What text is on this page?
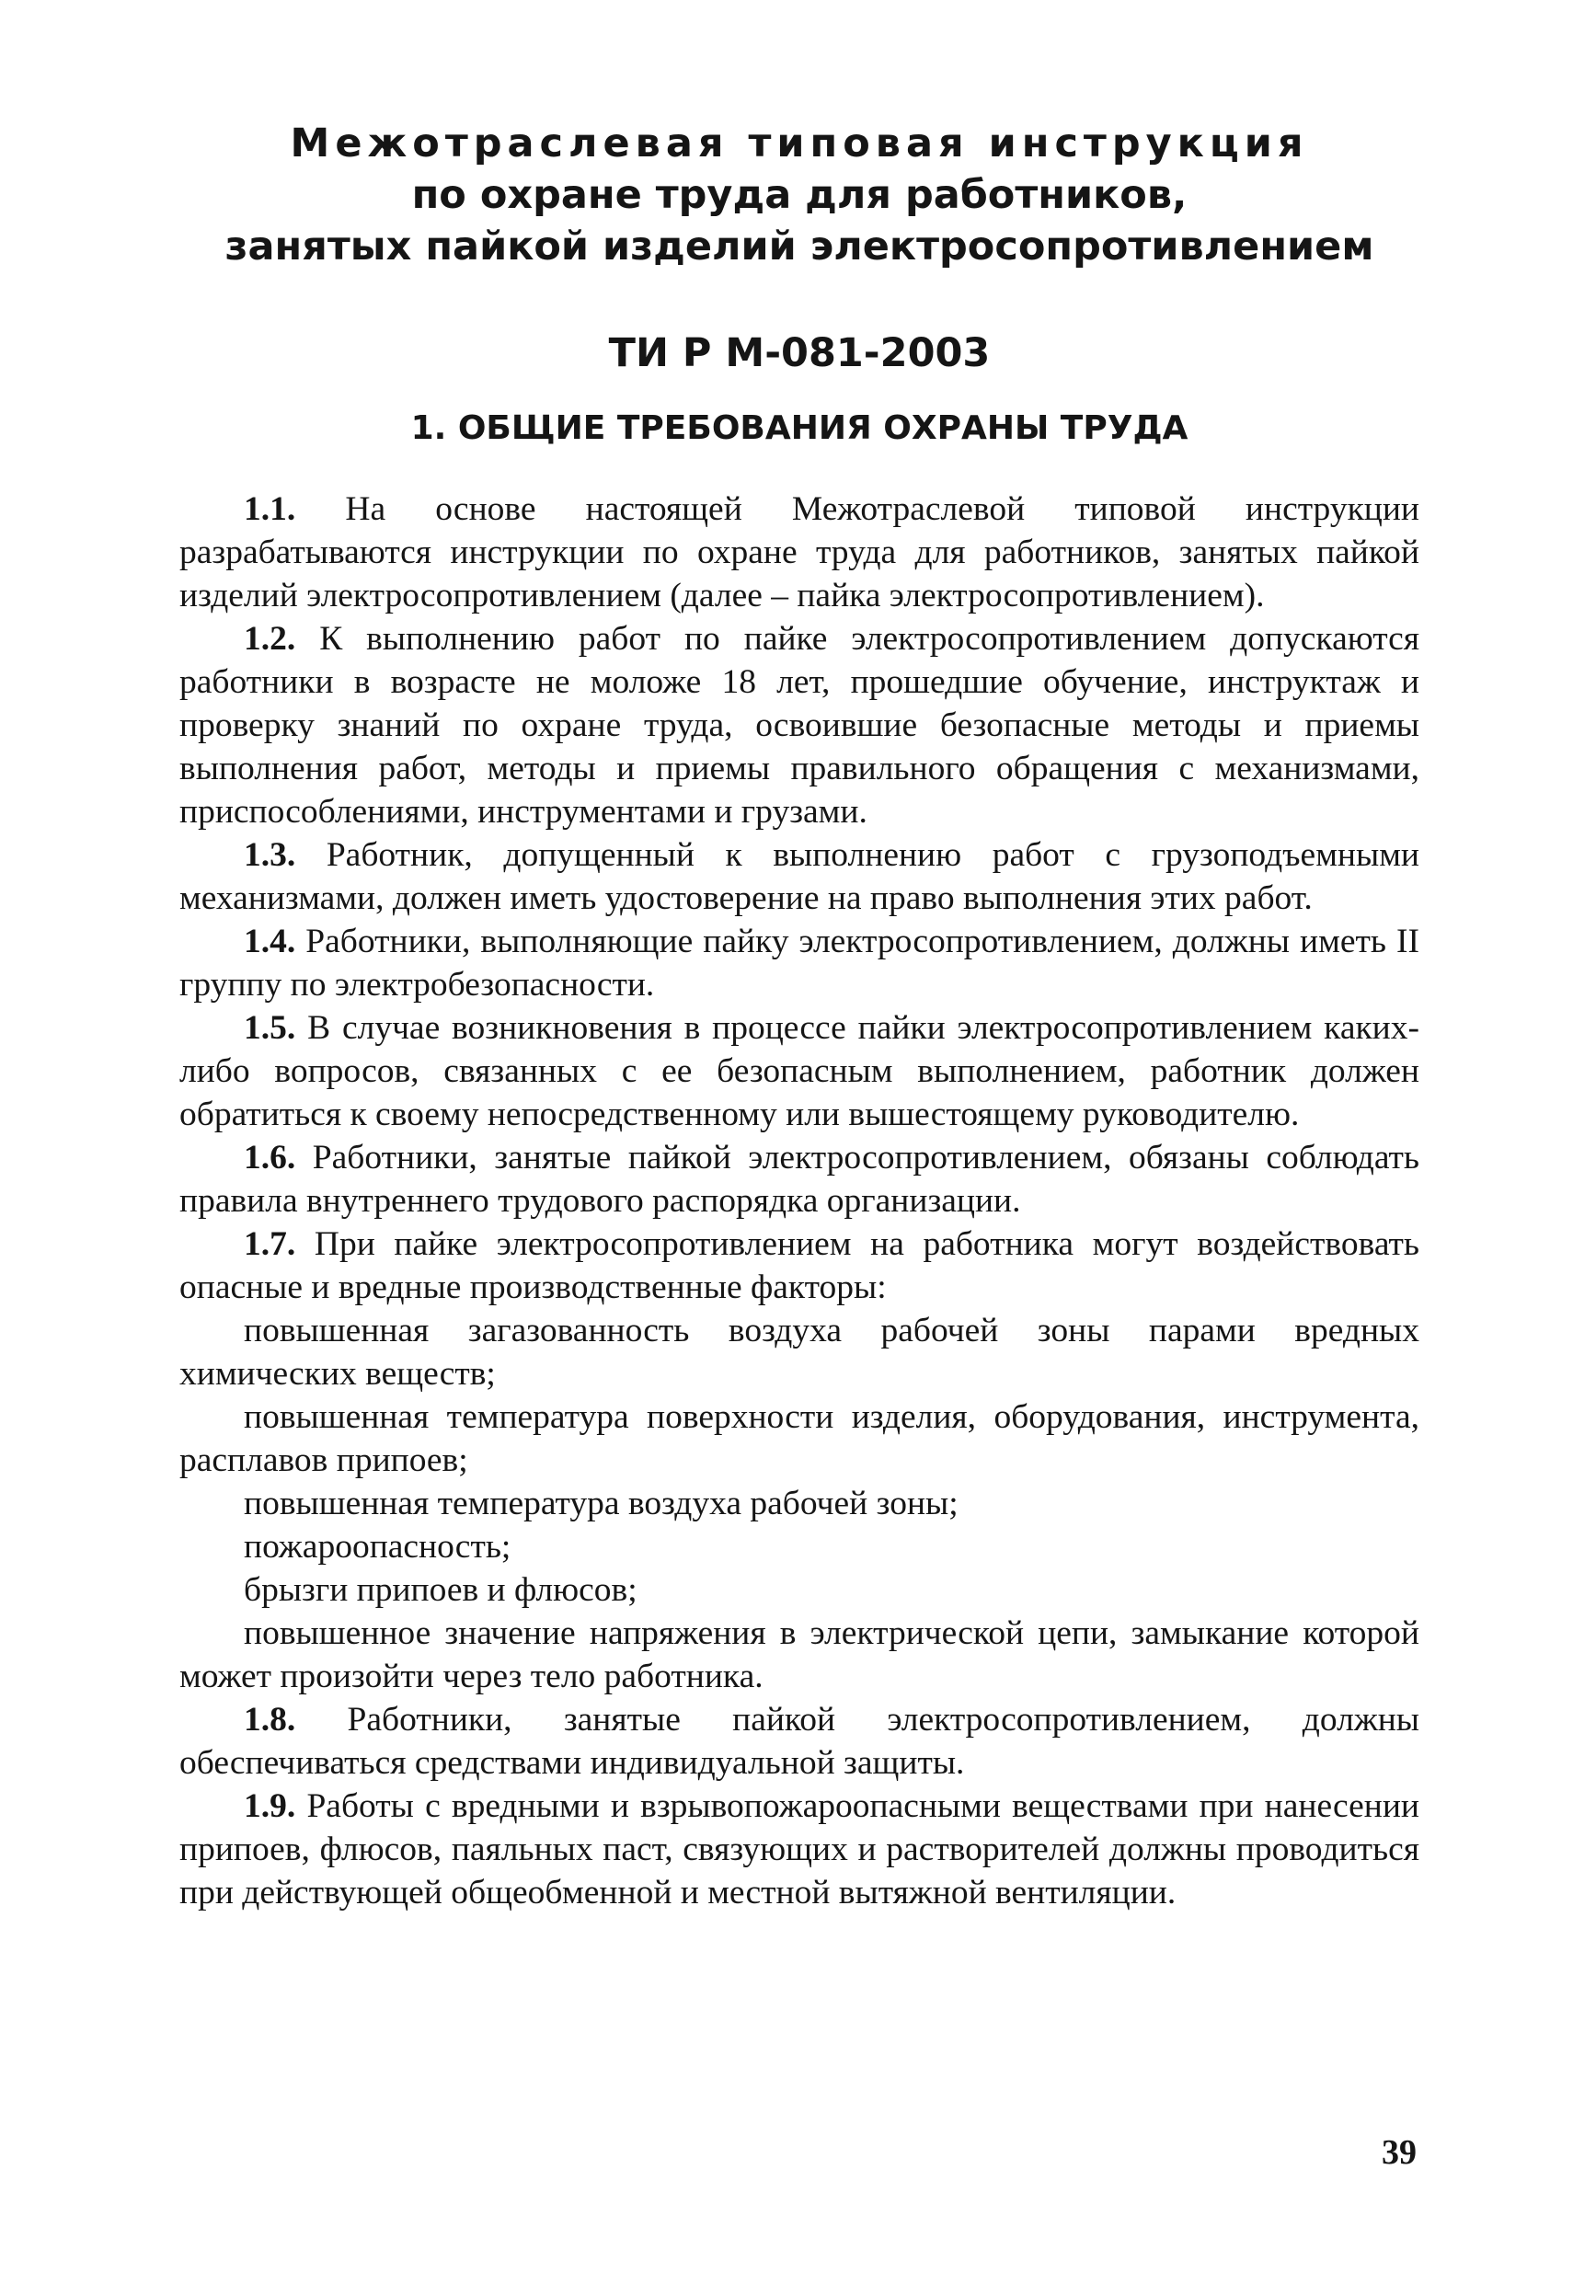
Межотраслевая типовая инструкция

по охране труда для работников,

занятых пайкой изделий электросопротивлением

ТИ Р М-081-2003

1. ОБЩИЕ ТРЕБОВАНИЯ ОХРАНЫ ТРУДА

1.1. На основе настоящей Межотраслевой типовой инструкции разрабатываются инструкции по охране труда для работников, занятых пайкой изделий электросопротивлением (далее – пайка электросопротивлением).

1.2. К выполнению работ по пайке электросопротивлением допускаются работники в возрасте не моложе 18 лет, прошедшие обучение, инструктаж и проверку знаний по охране труда, освоившие безопасные методы и приемы выполнения работ, методы и приемы правильного обращения с механизмами, приспособлениями, инструментами и грузами.

1.3. Работник, допущенный к выполнению работ с грузоподъемными механизмами, должен иметь удостоверение на право выполнения этих работ.

1.4. Работники, выполняющие пайку электросопротивлением, должны иметь II группу по электробезопасности.

1.5. В случае возникновения в процессе пайки электросопротивлением каких-либо вопросов, связанных с ее безопасным выполнением, работник должен обратиться к своему непосредственному или вышестоящему руководителю.

1.6. Работники, занятые пайкой электросопротивлением, обязаны соблюдать правила внутреннего трудового распорядка организации.

1.7. При пайке электросопротивлением на работника могут воздействовать опасные и вредные производственные факторы:

повышенная загазованность воздуха рабочей зоны парами вредных химических веществ;

повышенная температура поверхности изделия, оборудования, инструмента, расплавов припоев;

повышенная температура воздуха рабочей зоны;

пожароопасность;

брызги припоев и флюсов;

повышенное значение напряжения в электрической цепи, замыкание которой может произойти через тело работника.

1.8. Работники, занятые пайкой электросопротивлением, должны обеспечиваться средствами индивидуальной защиты.

1.9. Работы с вредными и взрывопожароопасными веществами при нанесении припоев, флюсов, паяльных паст, связующих и растворителей должны проводиться при действующей общеобменной и местной вытяжной вентиляции.

39
